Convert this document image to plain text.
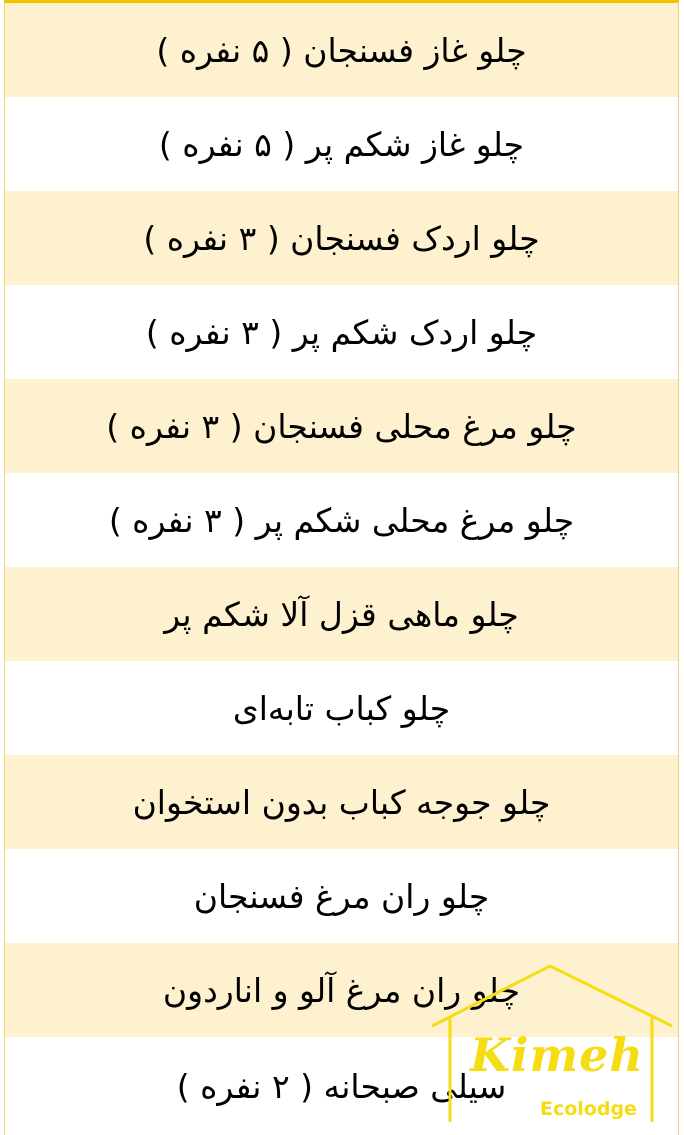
چلو غاز فسنجان ( ۵ نفره )
چلو غاز شکم پر ( ۵ نفره )
چلو اردک فسنجان ( ۳ نفره )
چلو اردک شکم پر ( ۳ نفره )
چلو مرغ محلی فسنجان ( ۳ نفره )
چلو مرغ محلی شکم پر ( ۳ نفره )
چلو ماهی قزل آلا شکم پر
چلو کباب تابه‌ای
چلو جوجه کباب بدون استخوان
چلو ران مرغ فسنجان
چلو ران مرغ آلو و اناردون
سیلی صبحانه ( ۲ نفره )
Kimeh
Ecolodge
